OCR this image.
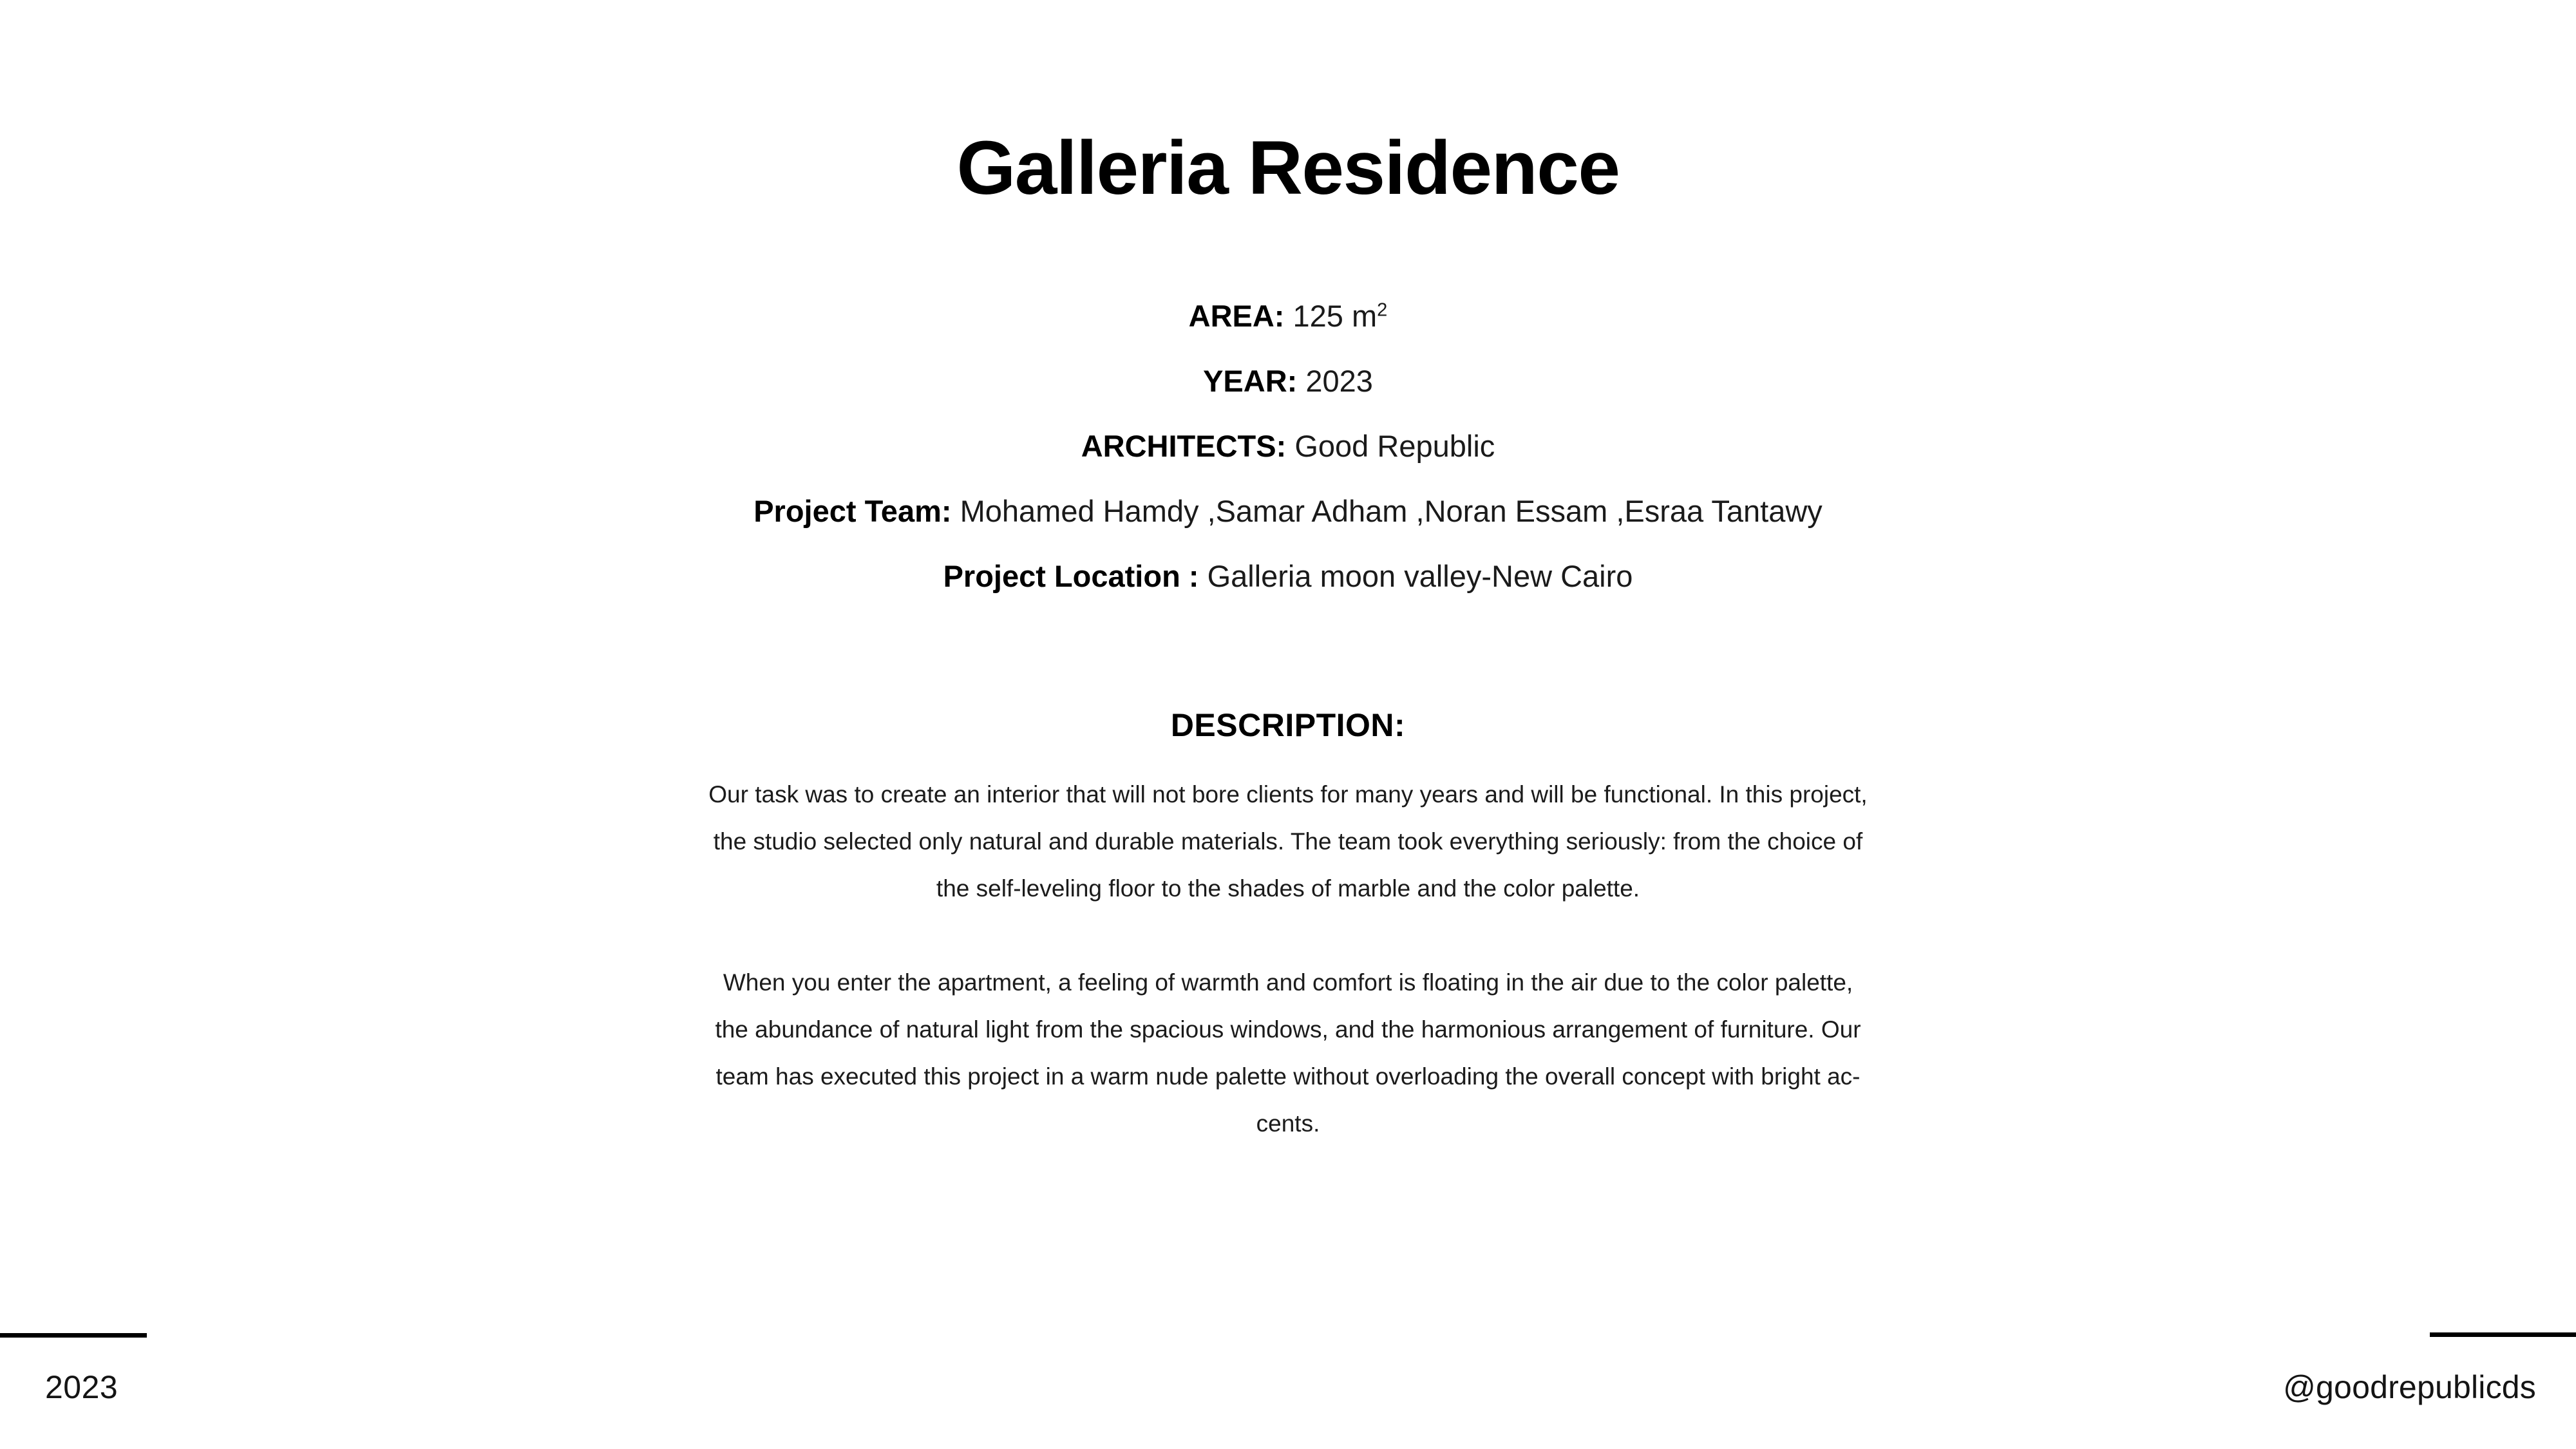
Galleria Residence
AREA: 125 $m^2$
YEAR: 2023
ARCHITECTS: Good Republic
Project Team: Mohamed Hamdy ,Samar Adham ,Noran Essam ,Esraa Tantawy
Project Location : Galleria moon valley-New Cairo
DESCRIPTION:

Our task was to create an interior that will not bore clients for many years and will be functional. In this project,
the studio selected only natural and durable materials. The team took everything seriously: from the choice of
the self-leveling floor to the shades of marble and the color palette.

When you enter the apartment, a feeling of warmth and comfort is floating in the air due to the color palette,
the abundance of natural light from the spacious windows, and the harmonious arrangement of furniture. Our
team has executed this project in a warm nude palette without overloading the overall concept with bright ac-
cents.

2023	@goodrepublicds
